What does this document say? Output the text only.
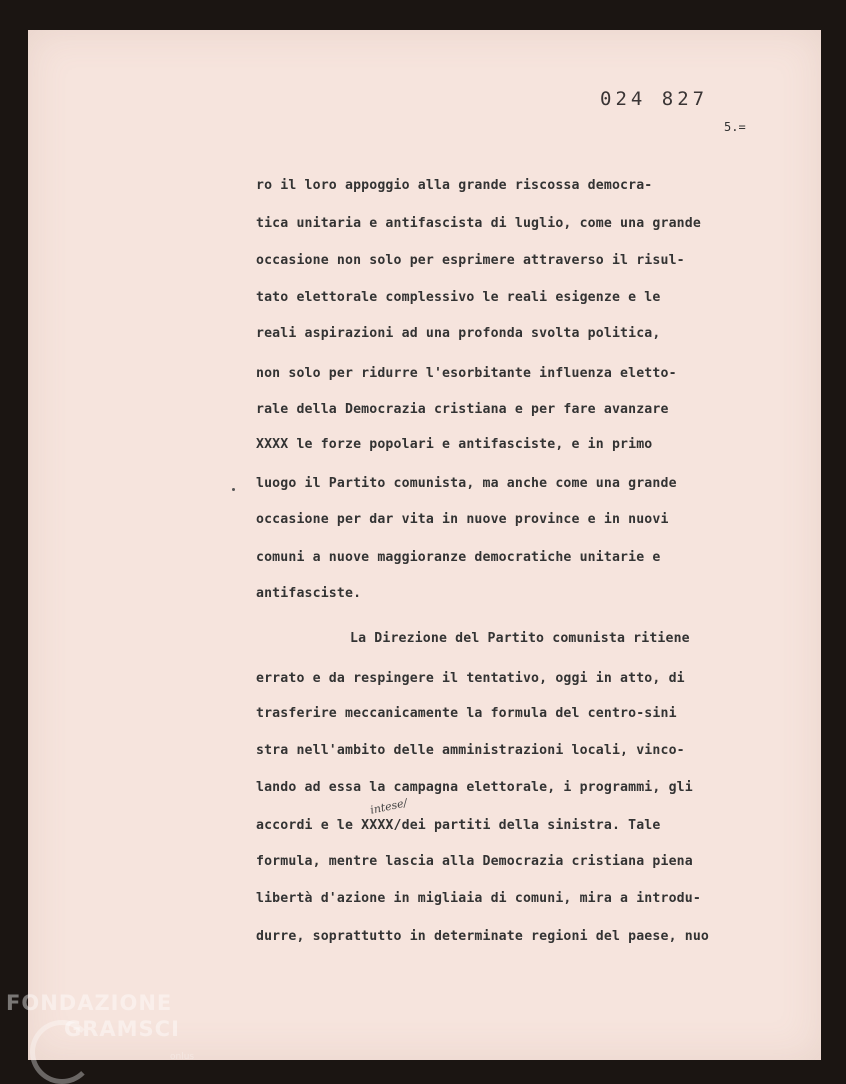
024 827
5.=
ro il loro appoggio alla grande riscossa democra-
tica unitaria e antifascista di luglio, come una grande
occasione non solo per esprimere attraverso il risul-
tato elettorale complessivo le reali esigenze e le
reali aspirazioni ad una profonda svolta politica,
non solo per ridurre l'esorbitante influenza eletto-
rale della Democrazia cristiana e per fare avanzare
XXXX le forze popolari e antifasciste, e in primo
luogo il Partito comunista, ma anche come una grande
occasione per dar vita in nuove province e in nuovi
comuni a nuove maggioranze democratiche unitarie e
antifasciste.
La Direzione del Partito comunista ritiene
errato e da respingere il tentativo, oggi in atto, di
trasferire meccanicamente la formula del centro-sini
stra nell'ambito delle amministrazioni locali, vinco-
lando ad essa la campagna elettorale, i programmi, gli
intese/
accordi e le XXXX/dei partiti della sinistra. Tale
formula, mentre lascia alla Democrazia cristiana piena
libertà d'azione in migliaia di comuni, mira a introdu-
durre, soprattutto in determinate regioni del paese, nuo
FONDAZIONE
GRAMSCI
onlus
